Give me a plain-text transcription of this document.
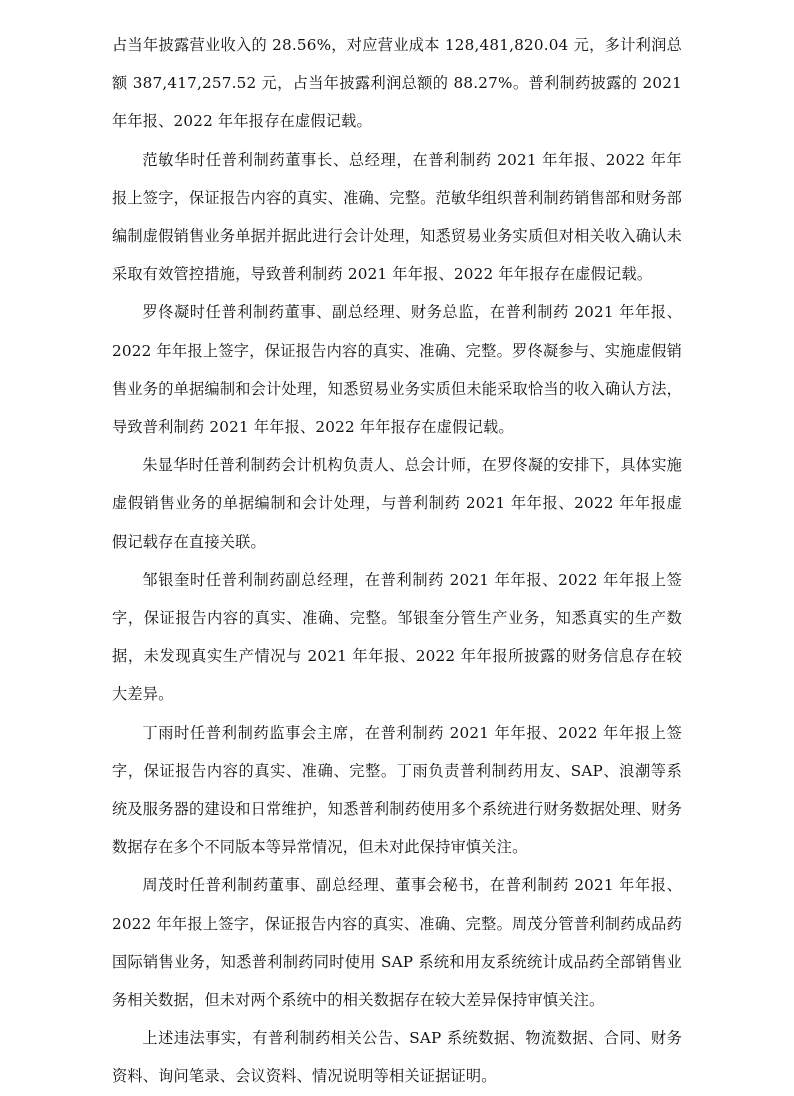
占当年披露营业收入的 28.56%，对应营业成本 128,481,820.04 元，多计利润总额 387,417,257.52 元，占当年披露利润总额的 88.27%。普利制药披露的 2021 年年报、2022 年年报存在虚假记载。

范敏华时任普利制药董事长、总经理，在普利制药 2021 年年报、2022 年年报上签字，保证报告内容的真实、准确、完整。范敏华组织普利制药销售部和财务部编制虚假销售业务单据并据此进行会计处理，知悉贸易业务实质但对相关收入确认未采取有效管控措施，导致普利制药 2021 年年报、2022 年年报存在虚假记载。

罗佟凝时任普利制药董事、副总经理、财务总监，在普利制药 2021 年年报、2022 年年报上签字，保证报告内容的真实、准确、完整。罗佟凝参与、实施虚假销售业务的单据编制和会计处理，知悉贸易业务实质但未能采取恰当的收入确认方法，导致普利制药 2021 年年报、2022 年年报存在虚假记载。

朱显华时任普利制药会计机构负责人、总会计师，在罗佟凝的安排下，具体实施虚假销售业务的单据编制和会计处理，与普利制药 2021 年年报、2022 年年报虚假记载存在直接关联。

邹银奎时任普利制药副总经理，在普利制药 2021 年年报、2022 年年报上签字，保证报告内容的真实、准确、完整。邹银奎分管生产业务，知悉真实的生产数据，未发现真实生产情况与 2021 年年报、2022 年年报所披露的财务信息存在较大差异。

丁雨时任普利制药监事会主席，在普利制药 2021 年年报、2022 年年报上签字，保证报告内容的真实、准确、完整。丁雨负责普利制药用友、SAP、浪潮等系统及服务器的建设和日常维护，知悉普利制药使用多个系统进行财务数据处理、财务数据存在多个不同版本等异常情况，但未对此保持审慎关注。

周茂时任普利制药董事、副总经理、董事会秘书，在普利制药 2021 年年报、2022 年年报上签字，保证报告内容的真实、准确、完整。周茂分管普利制药成品药国际销售业务，知悉普利制药同时使用 SAP 系统和用友系统统计成品药全部销售业务相关数据，但未对两个系统中的相关数据存在较大差异保持审慎关注。

上述违法事实，有普利制药相关公告、SAP 系统数据、物流数据、合同、财务资料、询问笔录、会议资料、情况说明等相关证据证明。
